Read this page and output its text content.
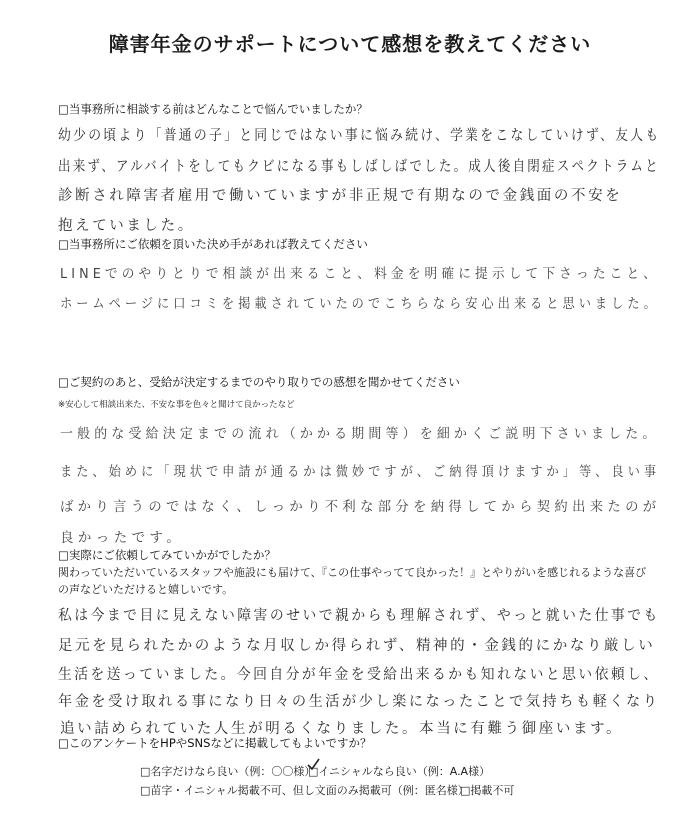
障害年金のサポートについて感想を教えてください
□当事務所に相談する前はどんなことで悩んでいましたか？
幼少の頃より「普通の子」と同じではない事に悩み続け、学業をこなしていけず、友人も
出来ず、アルバイトをしてもクビになる事もしばしばでした。成人後自閉症スペクトラムと
診断され障害者雇用で働いていますが非正規で有期なので金銭面の不安を
抱えていました。
□当事務所にご依頼を頂いた決め手があれば教えてください
LINEでのやりとりで相談が出来ること、料金を明確に提示して下さったこと、
ホームページに口コミを掲載されていたのでこちらなら安心出来ると思いました。
□ご契約のあと、受給が決定するまでのやり取りでの感想を聞かせてください
※安心して相談出来た、不安な事を色々と聞けて良かったなど
一般的な受給決定までの流れ（かかる期間等）を細かくご説明下さいました。
また、始めに「現状で申請が通るかは微妙ですが、ご納得頂けますか」等、良い事
ばかり言うのではなく、しっかり不利な部分を納得してから契約出来たのが
良かったです。
□実際にご依頼してみていかがでしたか？
関わっていただいているスタッフや施設にも届けて、『この仕事やってて良かった！』とやりがいを感じれるような喜び
の声などいただけると嬉しいです。
私は今まで目に見えない障害のせいで親からも理解されず、やっと就いた仕事でも
足元を見られたかのような月収しか得られず、精神的・金銭的にかなり厳しい
生活を送っていました。今回自分が年金を受給出来るかも知れないと思い依頼し、
年金を受け取れる事になり日々の生活が少し楽になったことで気持ちも軽くなり
追い詰められていた人生が明るくなりました。本当に有難う御座います。
□このアンケートをHPやSNSなどに掲載してもよいですか？
□名字だけなら良い（例：〇〇様）
□イニシャルなら良い（例：A.A様）
□苗字・イニシャル掲載不可、但し文面のみ掲載可（例：匿名様）
□掲載不可
